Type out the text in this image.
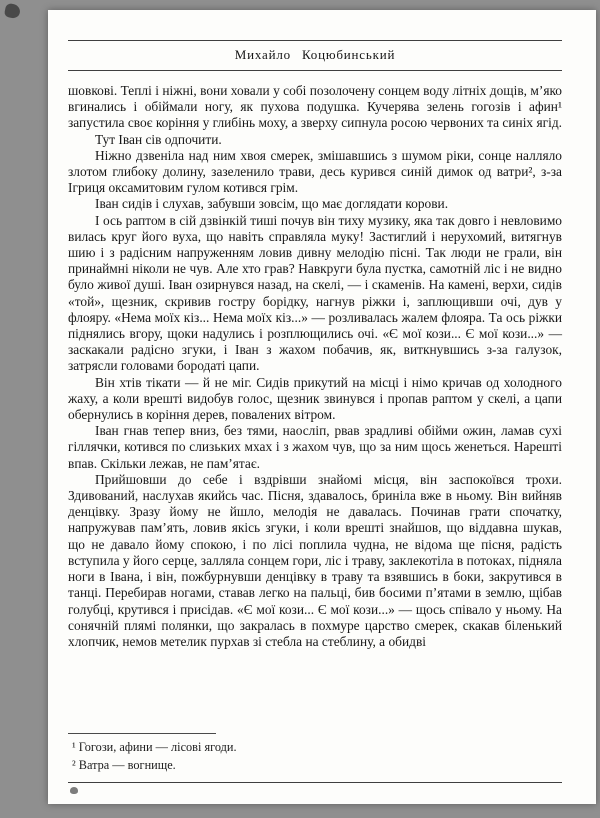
Михайло Коцюбинський

шовкові. Теплі і ніжні, вони ховали у собі позолочену сонцем воду літніх дощів, м’яко вгинались і обіймали ногу, як пухова подушка. Кучерява зелень гогозів і афин¹ запустила своє коріння у глибінь моху, а зверху сипнула росою червоних та синіх ягід.

Тут Іван сів одпочити.

Ніжно дзвеніла над ним хвоя смерек, змішавшись з шумом ріки, сонце налляло злотом глибоку долину, зазеленило трави, десь курився синій димок од ватри², з-за Ігриця оксамитовим гулом котився грім.

Іван сидів і слухав, забувши зовсім, що має доглядати корови.

І ось раптом в сій дзвінкій тиші почув він тиху музику, яка так довго і невловимо вилась круг його вуха, що навіть справляла муку! Застиглий і нерухомий, витягнув шию і з радісним напруженням ловив дивну мелодію пісні. Так люди не грали, він принаймні ніколи не чув. Але хто грав? Навкруги була пустка, самотній ліс і не видно було живої душі. Іван озирнувся назад, на скелі, — і скаменів. На камені, верхи, сидів «той», щезник, скривив гостру борідку, нагнув ріжки і, заплющивши очі, дув у флояру. «Нема моїх кіз... Нема моїх кіз...» — розливалась жалем флояра. Та ось ріжки піднялись вгору, щоки надулись і розплющились очі. «Є мої кози... Є мої кози...» — заскакали радісно згуки, і Іван з жахом побачив, як, виткнувшись з-за галузок, затрясли головами бородаті цапи.

Він хтів тікати — й не міг. Сидів прикутий на місці і німо кричав од холодного жаху, а коли врешті видобув голос, щезник звинувся і пропав раптом у скелі, а цапи обернулись в коріння дерев, повалених вітром.

Іван гнав тепер вниз, без тями, наосліп, рвав зрадливі обійми ожин, ламав сухі гіллячки, котився по слизьких мхах і з жахом чув, що за ним щось женеться. Нарешті впав. Скільки лежав, не пам’ятає.

Прийшовши до себе і вздрівши знайомі місця, він заспокоївся трохи. Здивований, наслухав якийсь час. Пісня, здавалось, бриніла вже в ньому. Він вийняв денцівку. Зразу йому не йшло, мелодія не давалась. Починав грати спочатку, напружував пам’ять, ловив якісь згуки, і коли врешті знайшов, що віддавна шукав, що не давало йому спокою, і по лісі поплила чудна, не відома ще пісня, радість вступила у його серце, залляла сонцем гори, ліс і траву, заклекотіла в потоках, підняла ноги в Івана, і він, пожбурнувши денцівку в траву та взявшись в боки, закрутився в танці. Перебирав ногами, ставав легко на пальці, бив босими п’ятами в землю, щібав голубці, крутився і присідав. «Є мої кози... Є мої кози...» — щось співало у ньому. На сонячній плямі полянки, що закралась в похмуре царство смерек, скакав біленький хлопчик, немов метелик пурхав зі стебла на стеблину, а обидві

¹ Гогози, афини — лісові ягоди.

² Ватра — вогнище.
